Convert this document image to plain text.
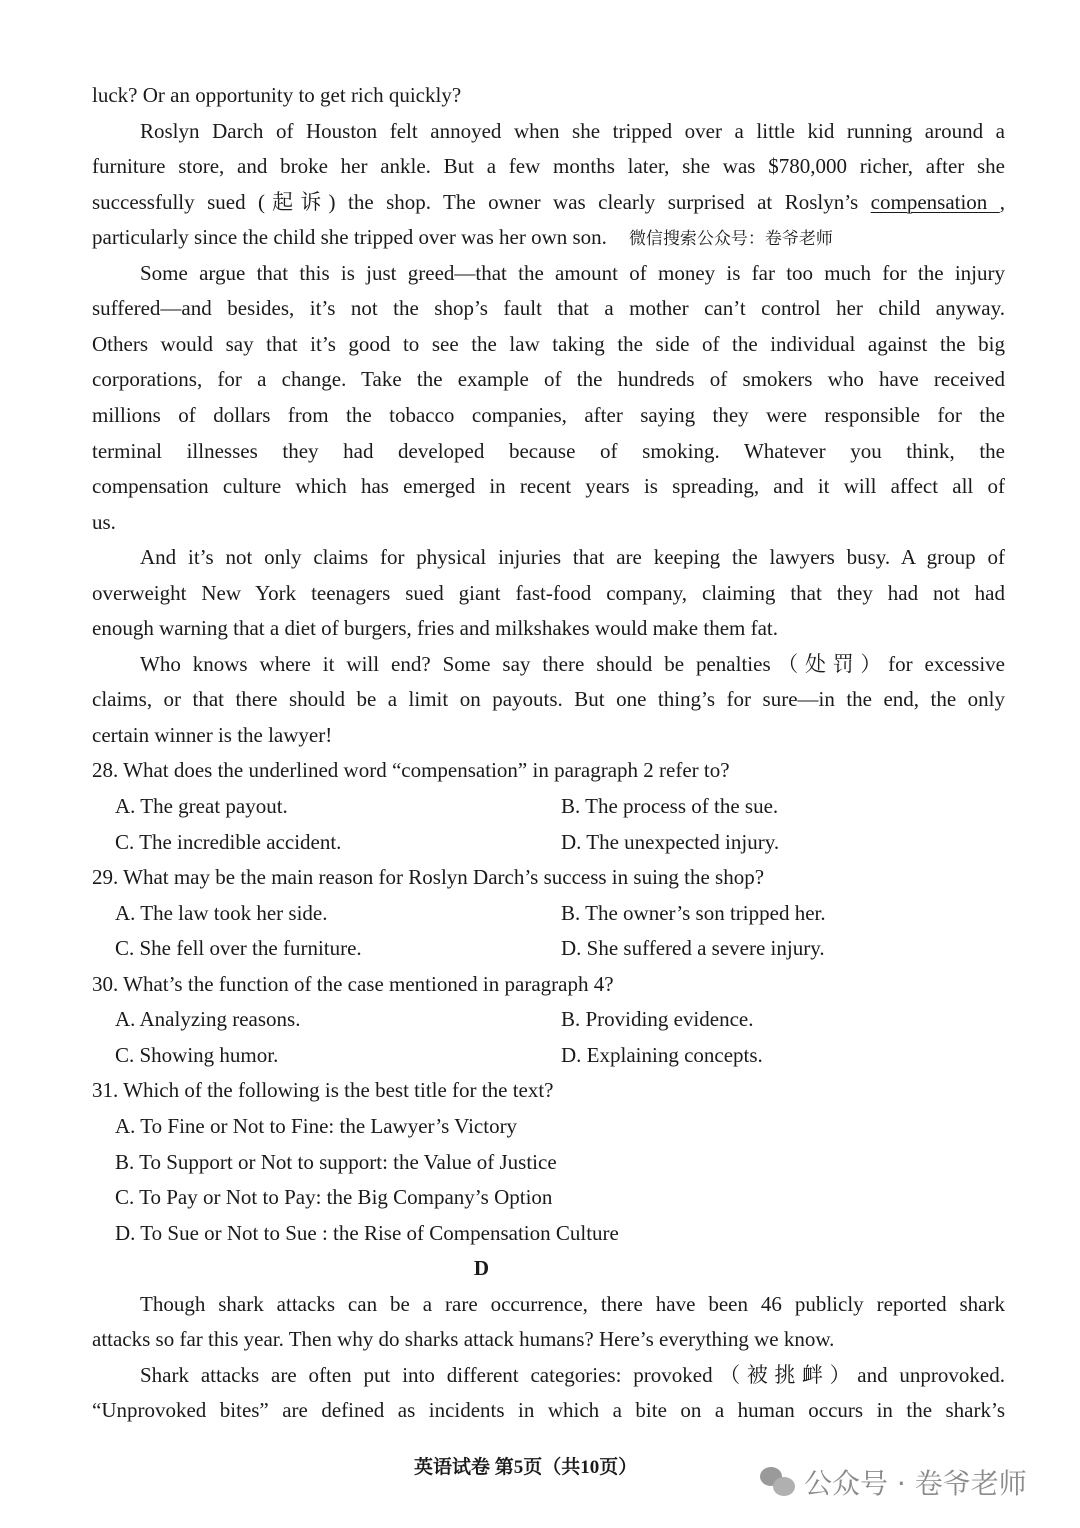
luck? Or an opportunity to get rich quickly?
Roslyn Darch of Houston felt annoyed when she tripped over a little kid running around a
furniture store, and broke her ankle. But a few months later, she was $780,000 richer, after she
successfully sued (起诉) the shop. The owner was clearly surprised at Roslyn’s compensation ,
particularly since the child she tripped over was her own son. 微信搜索公众号：卷爷老师
Some argue that this is just greed—that the amount of money is far too much for the injury
suffered—and besides, it’s not the shop’s fault that a mother can’t control her child anyway.
Others would say that it’s good to see the law taking the side of the individual against the big
corporations, for a change. Take the example of the hundreds of smokers who have received
millions of dollars from the tobacco companies, after saying they were responsible for the
terminal illnesses they had developed because of smoking. Whatever you think, the
compensation culture which has emerged in recent years is spreading, and it will affect all of
us.
And it’s not only claims for physical injuries that are keeping the lawyers busy. A group of
overweight New York teenagers sued giant fast-food company, claiming that they had not had
enough warning that a diet of burgers, fries and milkshakes would make them fat.
Who knows where it will end? Some say there should be penalties（处罚）for excessive
claims, or that there should be a limit on payouts. But one thing’s for sure—in the end, the only
certain winner is the lawyer!
28. What does the underlined word “compensation” in paragraph 2 refer to?
A. The great payout.	B. The process of the sue.
C. The incredible accident.	D. The unexpected injury.
29. What may be the main reason for Roslyn Darch’s success in suing the shop?
A. The law took her side.	B. The owner’s son tripped her.
C. She fell over the furniture.	D. She suffered a severe injury.
30. What’s the function of the case mentioned in paragraph 4?
A. Analyzing reasons.	B. Providing evidence.
C. Showing humor.	D. Explaining concepts.
31. Which of the following is the best title for the text?
A. To Fine or Not to Fine: the Lawyer’s Victory
B. To Support or Not to support: the Value of Justice
C. To Pay or Not to Pay: the Big Company’s Option
D. To Sue or Not to Sue : the Rise of Compensation Culture
D
Though shark attacks can be a rare occurrence, there have been 46 publicly reported shark
attacks so far this year. Then why do sharks attack humans? Here’s everything we know.
Shark attacks are often put into different categories: provoked（被挑衅）and unprovoked.
“Unprovoked bites” are defined as incidents in which a bite on a human occurs in the shark’s
英语试卷 第5页（共10页）	公众号 · 卷爷老师
